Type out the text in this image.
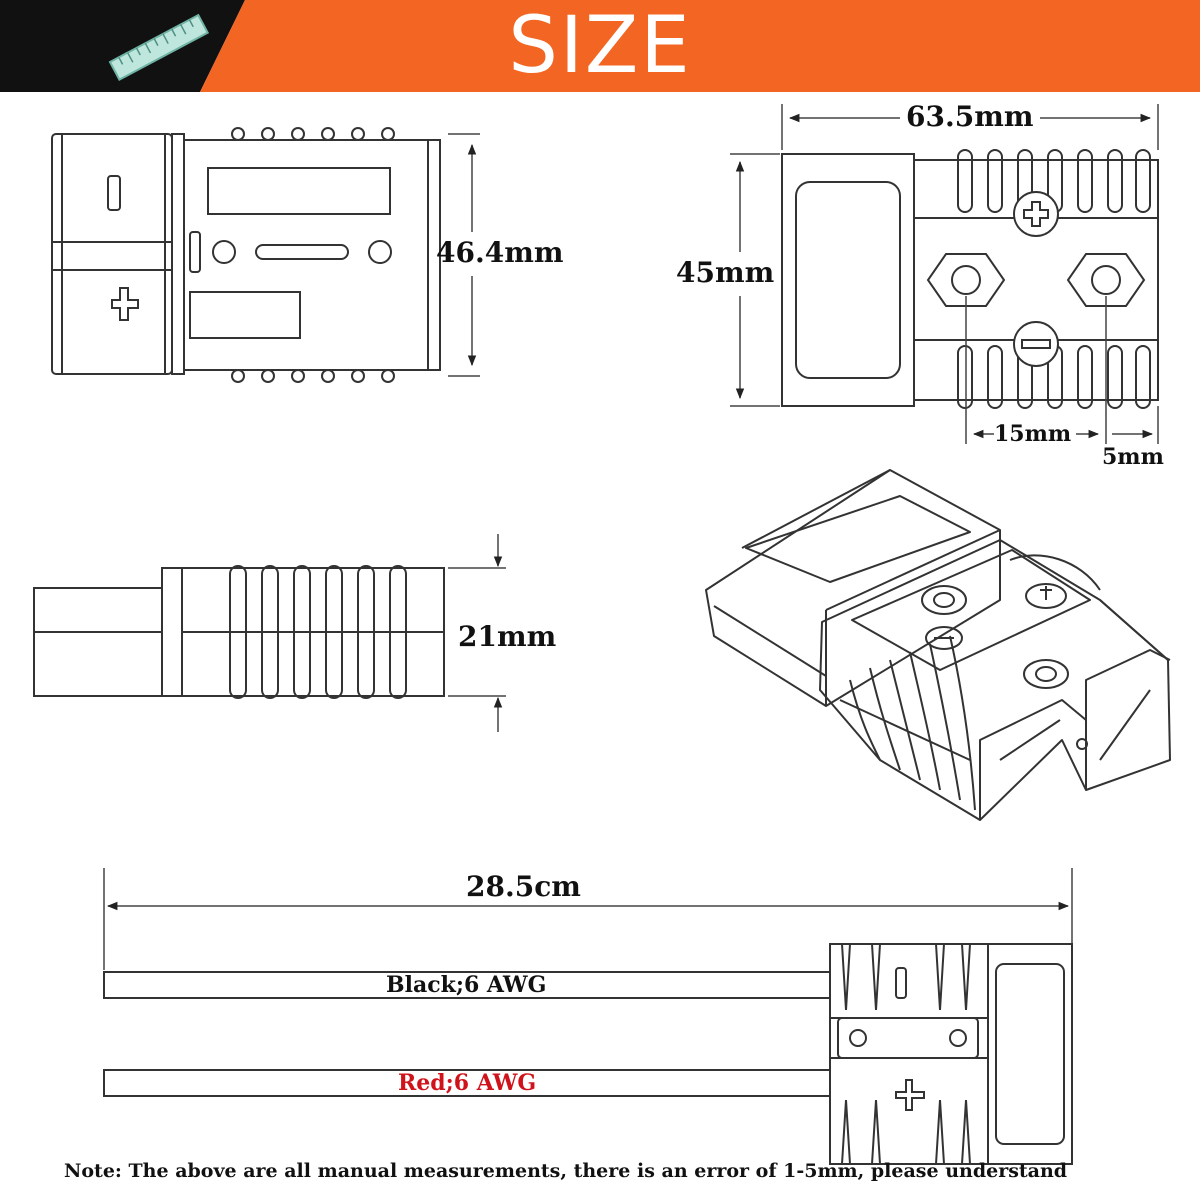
SIZE
46.4mm
63.5mm
45mm
15mm
5mm
21mm
28.5cm
Black;6 AWG
Red;6 AWG
Note: The above are all manual measurements, there is an error of 1-5mm, please understand
